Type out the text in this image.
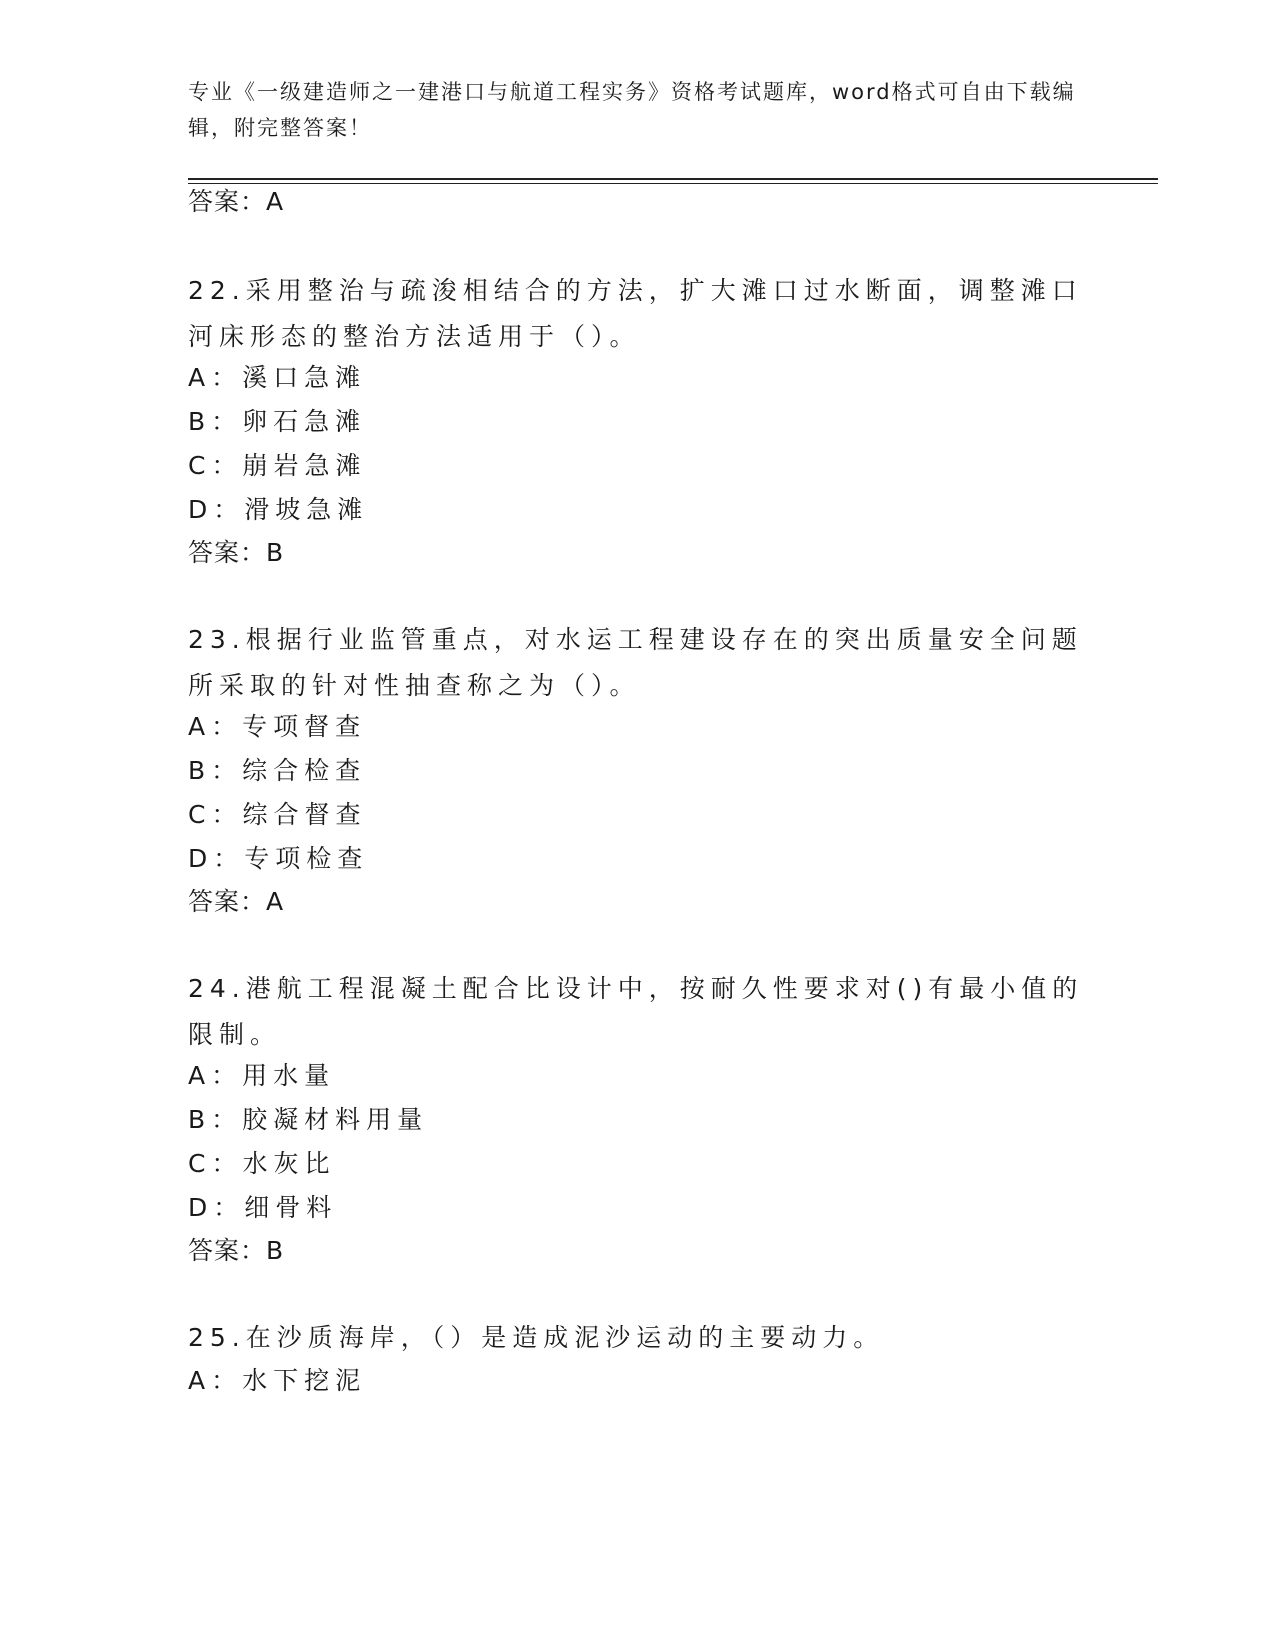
专业《一级建造师之一建港口与航道工程实务》资格考试题库，word格式可自由下载编辑，附完整答案！
答案：A
22.采用整治与疏浚相结合的方法，扩大滩口过水断面，调整滩口河床形态的整治方法适用于（）。
A：溪口急滩
B：卵石急滩
C：崩岩急滩
D：滑坡急滩
答案：B
23.根据行业监管重点，对水运工程建设存在的突出质量安全问题所采取的针对性抽查称之为（）。
A：专项督查
B：综合检查
C：综合督查
D：专项检查
答案：A
24.港航工程混凝土配合比设计中，按耐久性要求对()有最小值的限制。
A：用水量
B：胶凝材料用量
C：水灰比
D：细骨料
答案：B
25.在沙质海岸，（）是造成泥沙运动的主要动力。
A：水下挖泥
